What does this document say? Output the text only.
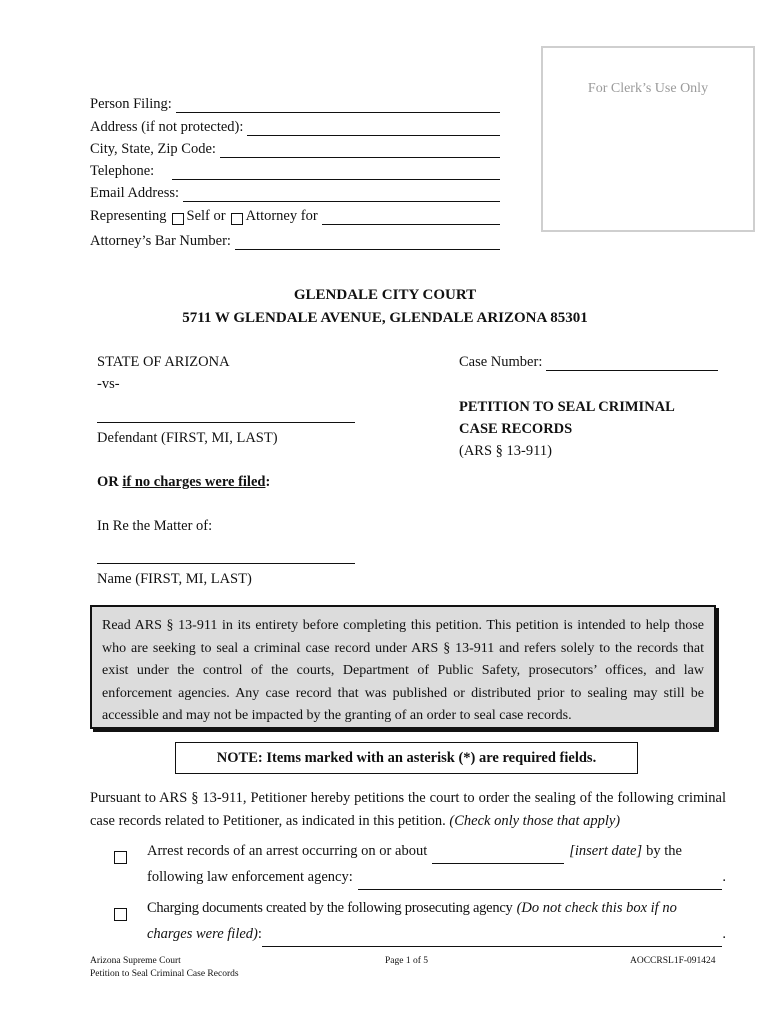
For Clerk’s Use Only
Person Filing:
Address (if not protected):
City, State, Zip Code:
Telephone:
Email Address:
Representing Self or Attorney for
Attorney’s Bar Number:
GLENDALE CITY COURT
5711 W GLENDALE AVENUE, GLENDALE ARIZONA 85301
STATE OF ARIZONA
-vs-
Defendant (FIRST, MI, LAST)
OR if no charges were filed:
In Re the Matter of:
Name (FIRST, MI, LAST)
Case Number:
PETITION TO SEAL CRIMINAL
CASE RECORDS
(ARS § 13-911)
Read ARS § 13-911 in its entirety before completing this petition. This petition is intended to help those who are seeking to seal a criminal case record under ARS § 13-911 and refers solely to the records that exist under the control of the courts, Department of Public Safety, prosecutors’ offices, and law enforcement agencies. Any case record that was published or distributed prior to sealing may still be accessible and may not be impacted by the granting of an order to seal case records.
NOTE: Items marked with an asterisk (*) are required fields.
Pursuant to ARS § 13-911, Petitioner hereby petitions the court to order the sealing of the following criminal case records related to Petitioner, as indicated in this petition. (Check only those that apply)
Arrest records of an arrest occurring on or about	[insert date] by the
following law enforcement agency:	.
Charging documents created by the following prosecuting agency (Do not check this box if no
charges were filed) :	.
Arizona Supreme Court
Petition to Seal Criminal Case Records
Page 1 of 5	AOCCRSL1F-091424
